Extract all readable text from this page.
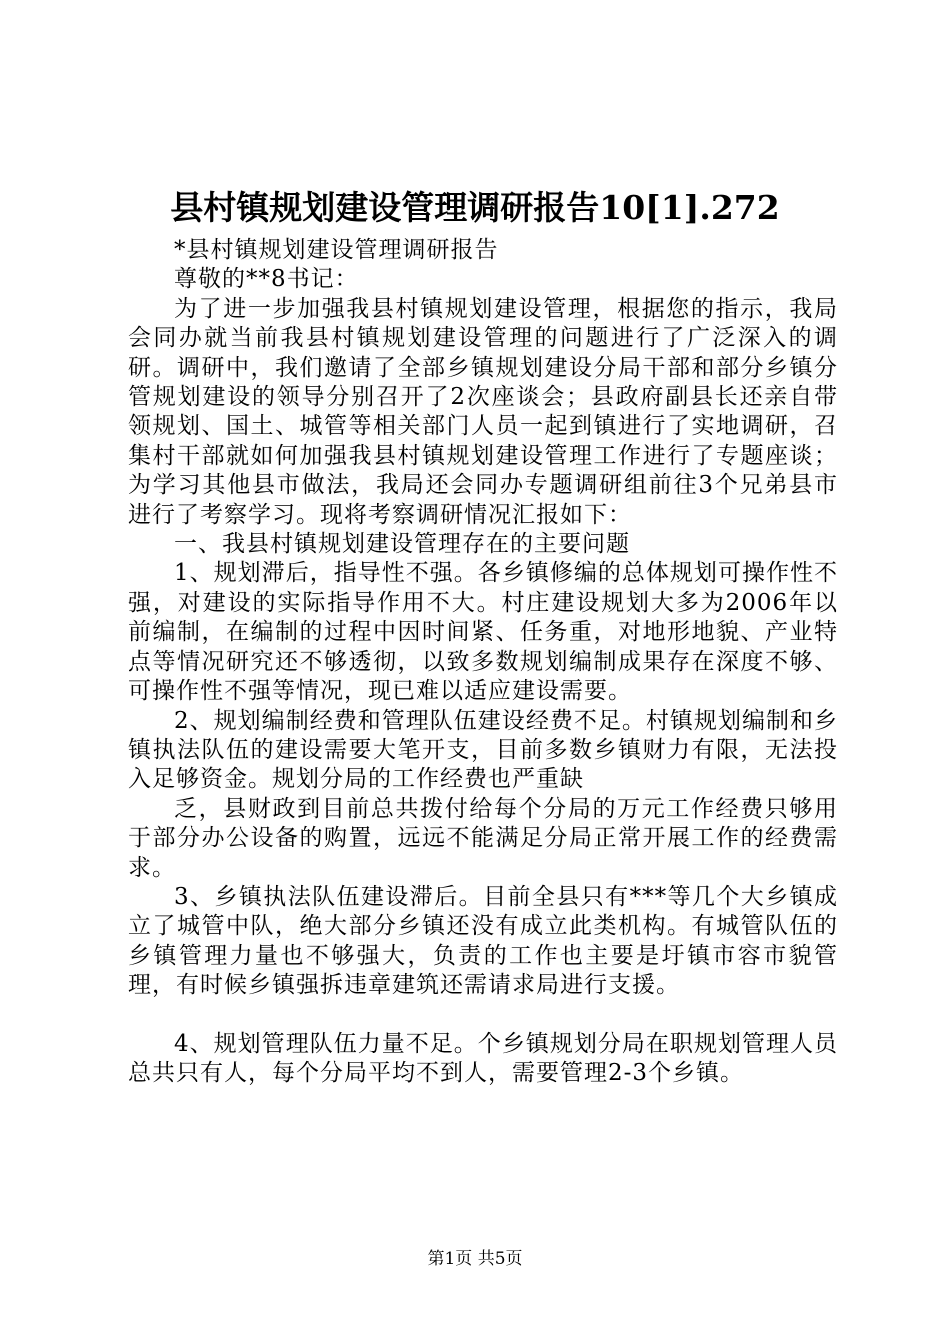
县村镇规划建设管理调研报告10[1].272

*县村镇规划建设管理调研报告

尊敬的**8书记：

为了进一步加强我县村镇规划建设管理，根据您的指示，我局会同办就当前我县村镇规划建设管理的问题进行了广泛深入的调研。调研中，我们邀请了全部乡镇规划建设分局干部和部分乡镇分管规划建设的领导分别召开了2次座谈会；县政府副县长还亲自带领规划、国土、城管等相关部门人员一起到镇进行了实地调研，召集村干部就如何加强我县村镇规划建设管理工作进行了专题座谈；为学习其他县市做法，我局还会同办专题调研组前往3个兄弟县市进行了考察学习。现将考察调研情况汇报如下：

一、我县村镇规划建设管理存在的主要问题

1、规划滞后，指导性不强。各乡镇修编的总体规划可操作性不强，对建设的实际指导作用不大。村庄建设规划大多为2006年以前编制，在编制的过程中因时间紧、任务重，对地形地貌、产业特点等情况研究还不够透彻，以致多数规划编制成果存在深度不够、可操作性不强等情况，现已难以适应建设需要。

2、规划编制经费和管理队伍建设经费不足。村镇规划编制和乡镇执法队伍的建设需要大笔开支，目前多数乡镇财力有限，无法投入足够资金。规划分局的工作经费也严重缺

乏，县财政到目前总共拨付给每个分局的万元工作经费只够用于部分办公设备的购置，远远不能满足分局正常开展工作的经费需求。

3、乡镇执法队伍建设滞后。目前全县只有***等几个大乡镇成立了城管中队，绝大部分乡镇还没有成立此类机构。有城管队伍的乡镇管理力量也不够强大，负责的工作也主要是圩镇市容市貌管理，有时候乡镇强拆违章建筑还需请求局进行支援。

4、规划管理队伍力量不足。个乡镇规划分局在职规划管理人员总共只有人，每个分局平均不到人，需要管理2-3个乡镇。

第1页 共5页
